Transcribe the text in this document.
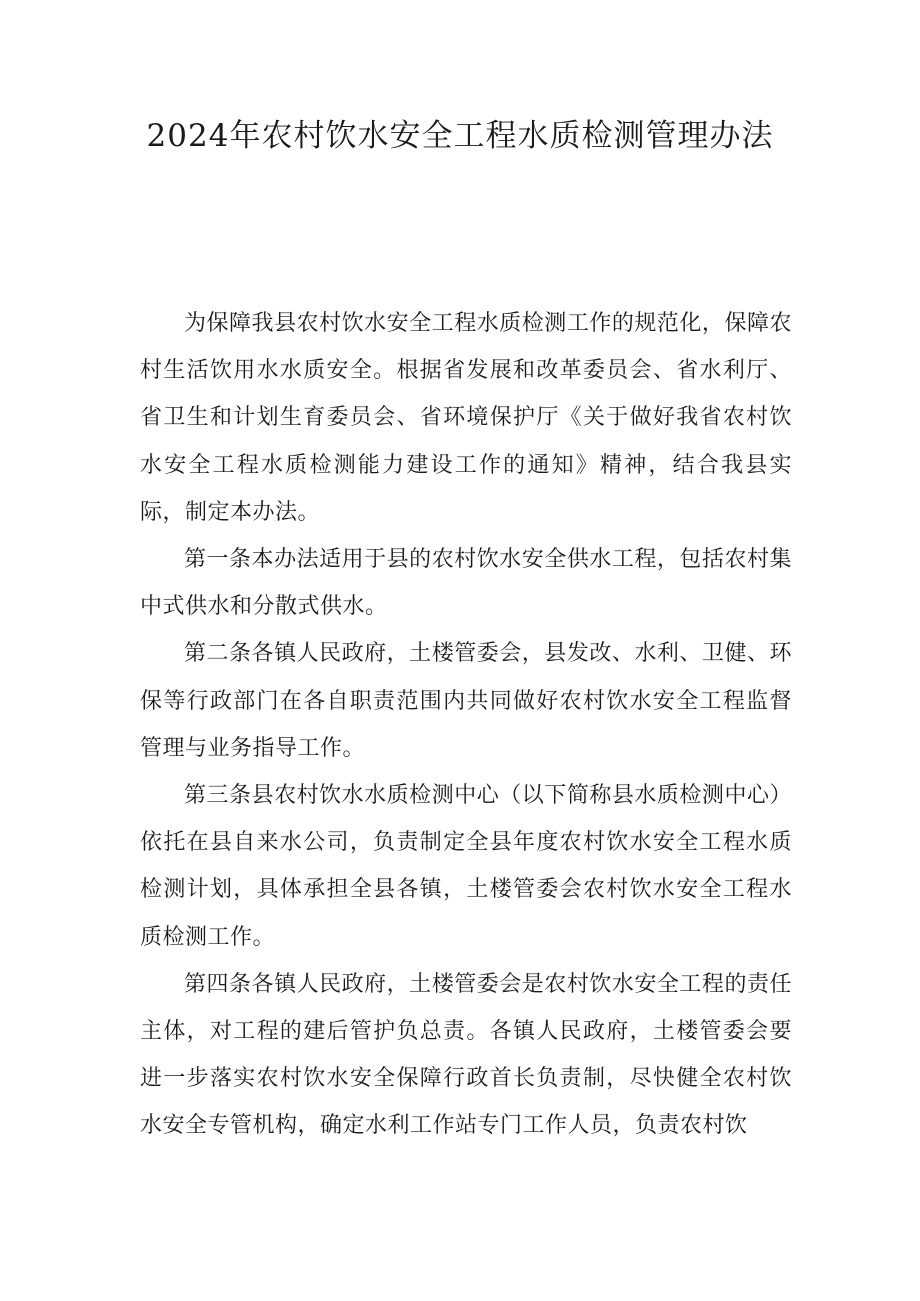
2024年农村饮水安全工程水质检测管理办法

为保障我县农村饮水安全工程水质检测工作的规范化，保障农村生活饮用水水质安全。根据省发展和改革委员会、省水利厅、省卫生和计划生育委员会、省环境保护厅《关于做好我省农村饮水安全工程水质检测能力建设工作的通知》精神，结合我县实际，制定本办法。

第一条本办法适用于县的农村饮水安全供水工程，包括农村集中式供水和分散式供水。

第二条各镇人民政府，土楼管委会，县发改、水利、卫健、环保等行政部门在各自职责范围内共同做好农村饮水安全工程监督管理与业务指导工作。

第三条县农村饮水水质检测中心（以下简称县水质检测中心）依托在县自来水公司，负责制定全县年度农村饮水安全工程水质检测计划，具体承担全县各镇，土楼管委会农村饮水安全工程水质检测工作。

第四条各镇人民政府，土楼管委会是农村饮水安全工程的责任主体，对工程的建后管护负总责。各镇人民政府，土楼管委会要进一步落实农村饮水安全保障行政首长负责制，尽快健全农村饮水安全专管机构，确定水利工作站专门工作人员，负责农村饮
